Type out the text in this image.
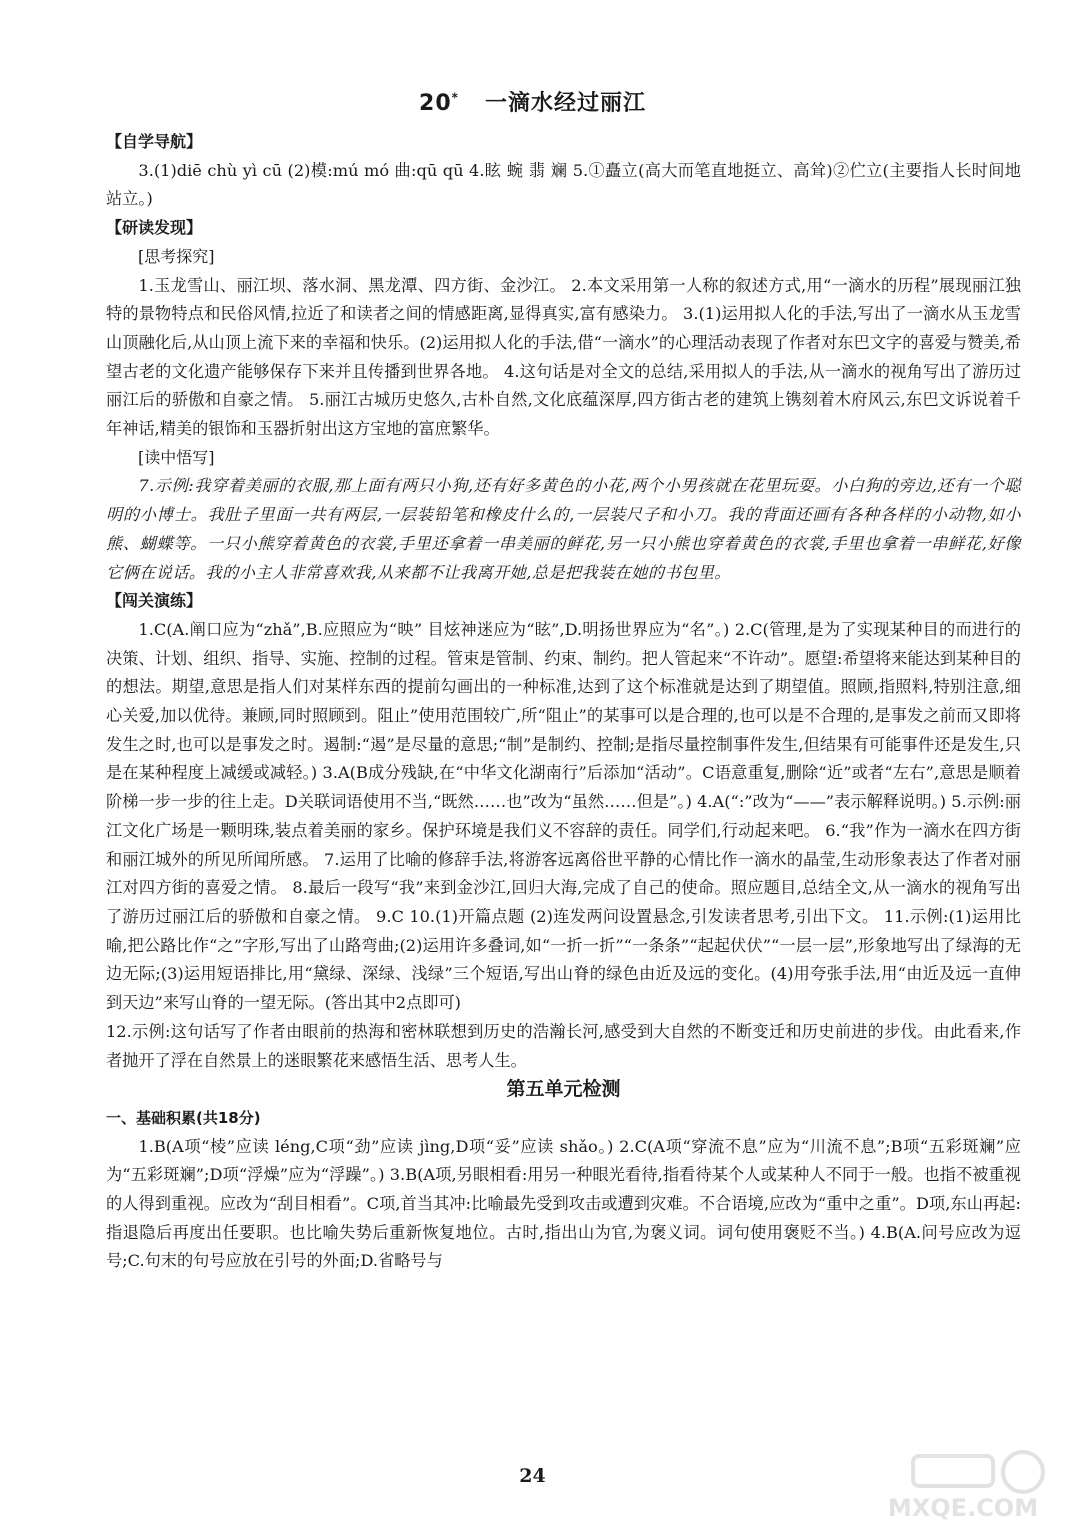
20* 一滴水经过丽江

【自学导航】

3.(1)diē chù yì cū (2)模:mú mó 曲:qū qū 4.眩 蜿 翡 斓 5.①矗立(高大而笔直地挺立、高耸)②伫立(主要指人长时间地站立。)

【研读发现】

[思考探究]

1.玉龙雪山、丽江坝、落水洞、黑龙潭、四方街、金沙江。 2.本文采用第一人称的叙述方式,用“一滴水的历程”展现丽江独特的景物特点和民俗风情,拉近了和读者之间的情感距离,显得真实,富有感染力。 3.(1)运用拟人化的手法,写出了一滴水从玉龙雪山顶融化后,从山顶上流下来的幸福和快乐。(2)运用拟人化的手法,借“一滴水”的心理活动表现了作者对东巴文字的喜爱与赞美,希望古老的文化遗产能够保存下来并且传播到世界各地。 4.这句话是对全文的总结,采用拟人的手法,从一滴水的视角写出了游历过丽江后的骄傲和自豪之情。 5.丽江古城历史悠久,古朴自然,文化底蕴深厚,四方街古老的建筑上镌刻着木府风云,东巴文诉说着千年神话,精美的银饰和玉器折射出这方宝地的富庶繁华。

[读中悟写]

7.示例:我穿着美丽的衣服,那上面有两只小狗,还有好多黄色的小花,两个小男孩就在花里玩耍。小白狗的旁边,还有一个聪明的小博士。我肚子里面一共有两层,一层装铅笔和橡皮什么的,一层装尺子和小刀。我的背面还画有各种各样的小动物,如小熊、蝴蝶等。一只小熊穿着黄色的衣裳,手里还拿着一串美丽的鲜花,另一只小熊也穿着黄色的衣裳,手里也拿着一串鲜花,好像它俩在说话。我的小主人非常喜欢我,从来都不让我离开她,总是把我装在她的书包里。

【闯关演练】

1.C(A.阐口应为“zhǎ”,B.应照应为“映” 目炫神迷应为“眩”,D.明扬世界应为“名”。) 2.C(管理,是为了实现某种目的而进行的决策、计划、组织、指导、实施、控制的过程。管束是管制、约束、制约。把人管起来“不许动”。愿望:希望将来能达到某种目的的想法。期望,意思是指人们对某样东西的提前勾画出的一种标准,达到了这个标准就是达到了期望值。照顾,指照料,特别注意,细心关爱,加以优待。兼顾,同时照顾到。阻止”使用范围较广,所“阻止”的某事可以是合理的,也可以是不合理的,是事发之前而又即将发生之时,也可以是事发之时。遏制:“遏”是尽量的意思;“制”是制约、控制;是指尽量控制事件发生,但结果有可能事件还是发生,只是在某种程度上减缓或减轻。) 3.A(B成分残缺,在“中华文化湖南行”后添加“活动”。C语意重复,删除“近”或者“左右”,意思是顺着阶梯一步一步的往上走。D关联词语使用不当,“既然……也”改为“虽然……但是”。) 4.A(“:”改为“——”表示解释说明。) 5.示例:丽江文化广场是一颗明珠,装点着美丽的家乡。保护环境是我们义不容辞的责任。同学们,行动起来吧。 6.“我”作为一滴水在四方街和丽江城外的所见所闻所感。 7.运用了比喻的修辞手法,将游客远离俗世平静的心情比作一滴水的晶莹,生动形象表达了作者对丽江对四方街的喜爱之情。 8.最后一段写“我”来到金沙江,回归大海,完成了自己的使命。照应题目,总结全文,从一滴水的视角写出了游历过丽江后的骄傲和自豪之情。 9.C 10.(1)开篇点题 (2)连发两问设置悬念,引发读者思考,引出下文。 11.示例:(1)运用比喻,把公路比作“之”字形,写出了山路弯曲;(2)运用许多叠词,如“一折一折”“一条条”“起起伏伏”“一层一层”,形象地写出了绿海的无边无际;(3)运用短语排比,用“黛绿、深绿、浅绿”三个短语,写出山脊的绿色由近及远的变化。(4)用夸张手法,用“由近及远一直伸到天边”来写山脊的一望无际。(答出其中2点即可)

12.示例:这句话写了作者由眼前的热海和密林联想到历史的浩瀚长河,感受到大自然的不断变迁和历史前进的步伐。由此看来,作者抛开了浮在自然景上的迷眼繁花来感悟生活、思考人生。

第五单元检测

一、基础积累(共18分)

1.B(A项“棱”应读 léng,C项“劲”应读 jìng,D项“妥”应读 shǎo。) 2.C(A项“穿流不息”应为“川流不息”;B项“五彩斑斓”应为“五彩斑斓”;D项“浮燥”应为“浮躁”。) 3.B(A项,另眼相看:用另一种眼光看待,指看待某个人或某种人不同于一般。也指不被重视的人得到重视。应改为“刮目相看”。C项,首当其冲:比喻最先受到攻击或遭到灾难。不合语境,应改为“重中之重”。D项,东山再起:指退隐后再度出任要职。也比喻失势后重新恢复地位。古时,指出山为官,为褒义词。词句使用褒贬不当。) 4.B(A.问号应改为逗号;C.句末的句号应放在引号的外面;D.省略号与

24
MXQE.COM
